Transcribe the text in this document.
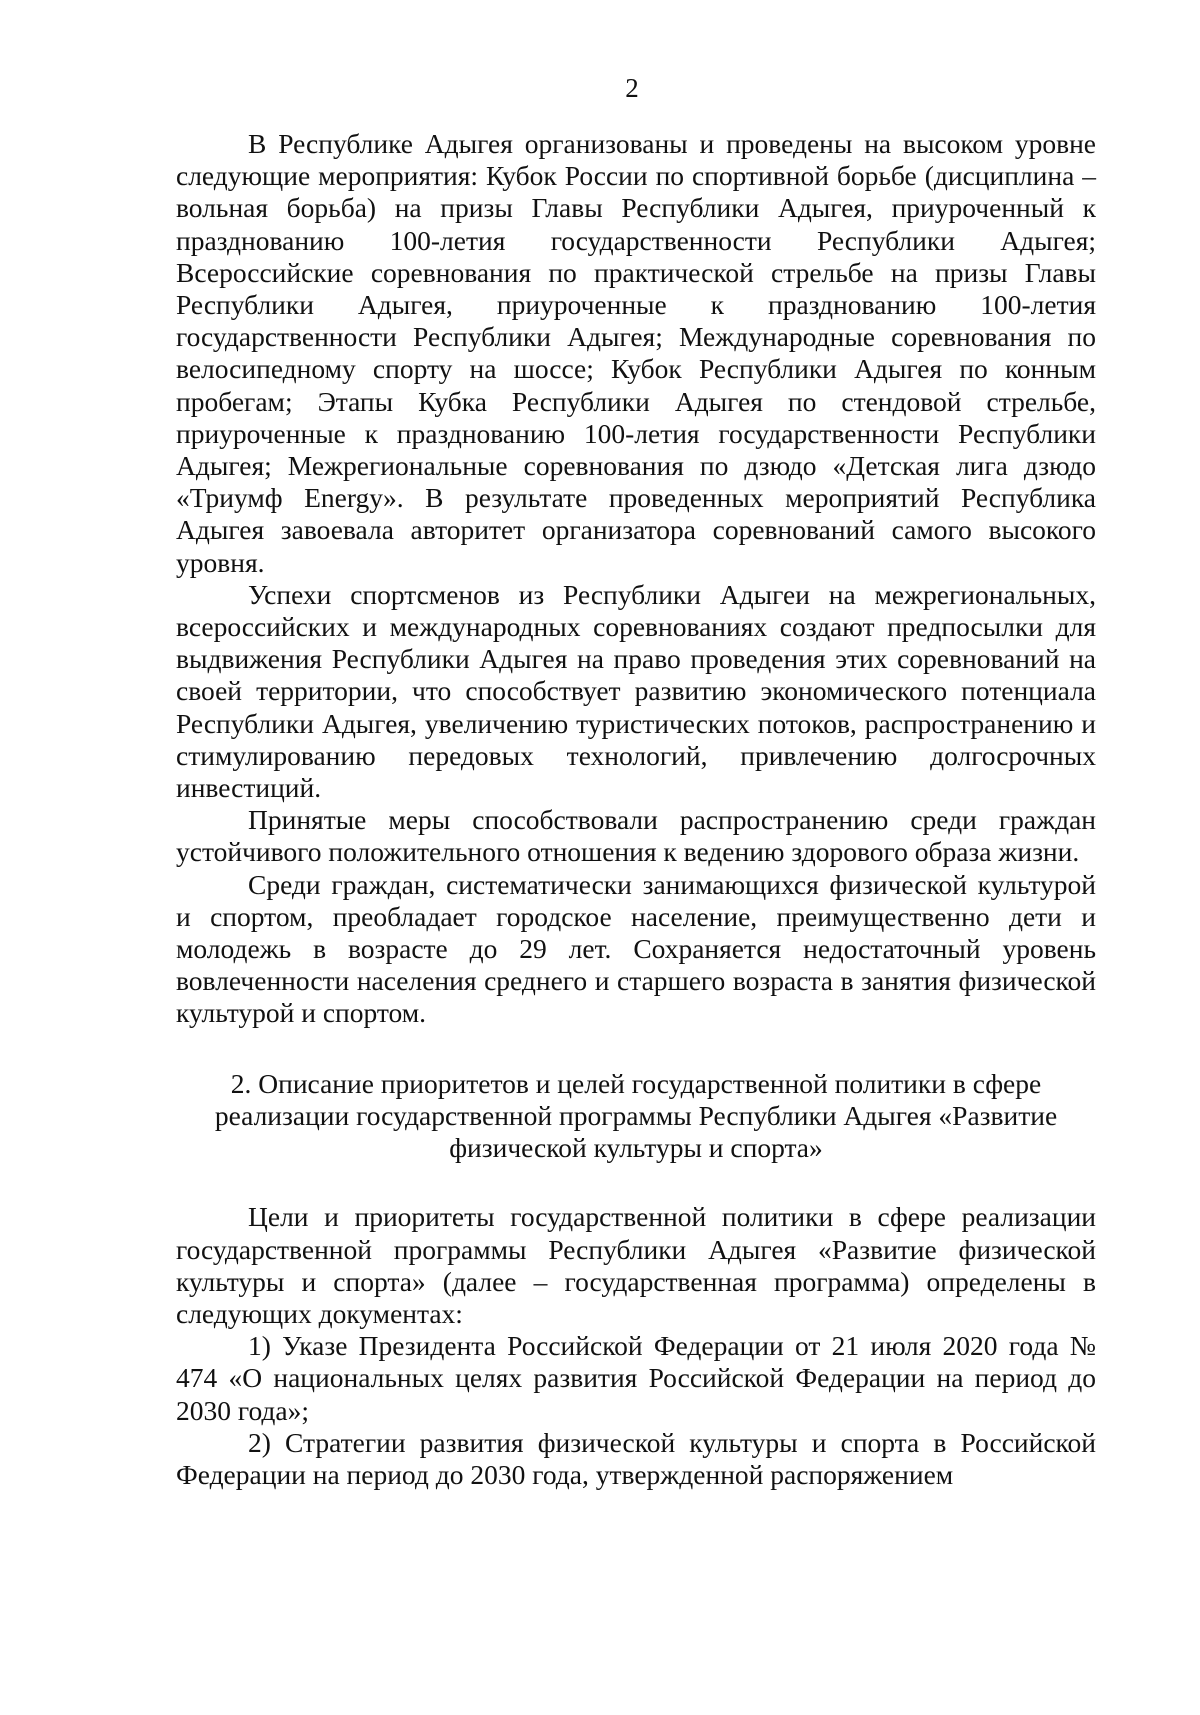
2

В Республике Адыгея организованы и проведены на высоком уровне следующие мероприятия: Кубок России по спортивной борьбе (дисциплина – вольная борьба) на призы Главы Республики Адыгея, приуроченный к празднованию 100-летия государственности Республики Адыгея; Всероссийские соревнования по практической стрельбе на призы Главы Республики Адыгея, приуроченные к празднованию 100-летия государственности Республики Адыгея; Международные соревнования по велосипедному спорту на шоссе; Кубок Республики Адыгея по конным пробегам; Этапы Кубка Республики Адыгея по стендовой стрельбе, приуроченные к празднованию 100-летия государственности Республики Адыгея; Межрегиональные соревнования по дзюдо «Детская лига дзюдо «Триумф Energy». В результате проведенных мероприятий Республика Адыгея завоевала авторитет организатора соревнований самого высокого уровня.

Успехи спортсменов из Республики Адыгеи на межрегиональных, всероссийских и международных соревнованиях создают предпосылки для выдвижения Республики Адыгея на право проведения этих соревнований на своей территории, что способствует развитию экономического потенциала Республики Адыгея, увеличению туристических потоков, распространению и стимулированию передовых технологий, привлечению долгосрочных инвестиций.

Принятые меры способствовали распространению среди граждан устойчивого положительного отношения к ведению здорового образа жизни.

Среди граждан, систематически занимающихся физической культурой и спортом, преобладает городское население, преимущественно дети и молодежь в возрасте до 29 лет. Сохраняется недостаточный уровень вовлеченности населения среднего и старшего возраста в занятия физической культурой и спортом.

2. Описание приоритетов и целей государственной политики в сфере
реализации государственной программы Республики Адыгея «Развитие
физической культуры и спорта»

Цели и приоритеты государственной политики в сфере реализации государственной программы Республики Адыгея «Развитие физической культуры и спорта» (далее – государственная программа) определены в следующих документах:

1) Указе Президента Российской Федерации от 21 июля 2020 года № 474 «О национальных целях развития Российской Федерации на период до 2030 года»;

2) Стратегии развития физической культуры и спорта в Российской Федерации на период до 2030 года, утвержденной распоряжением
